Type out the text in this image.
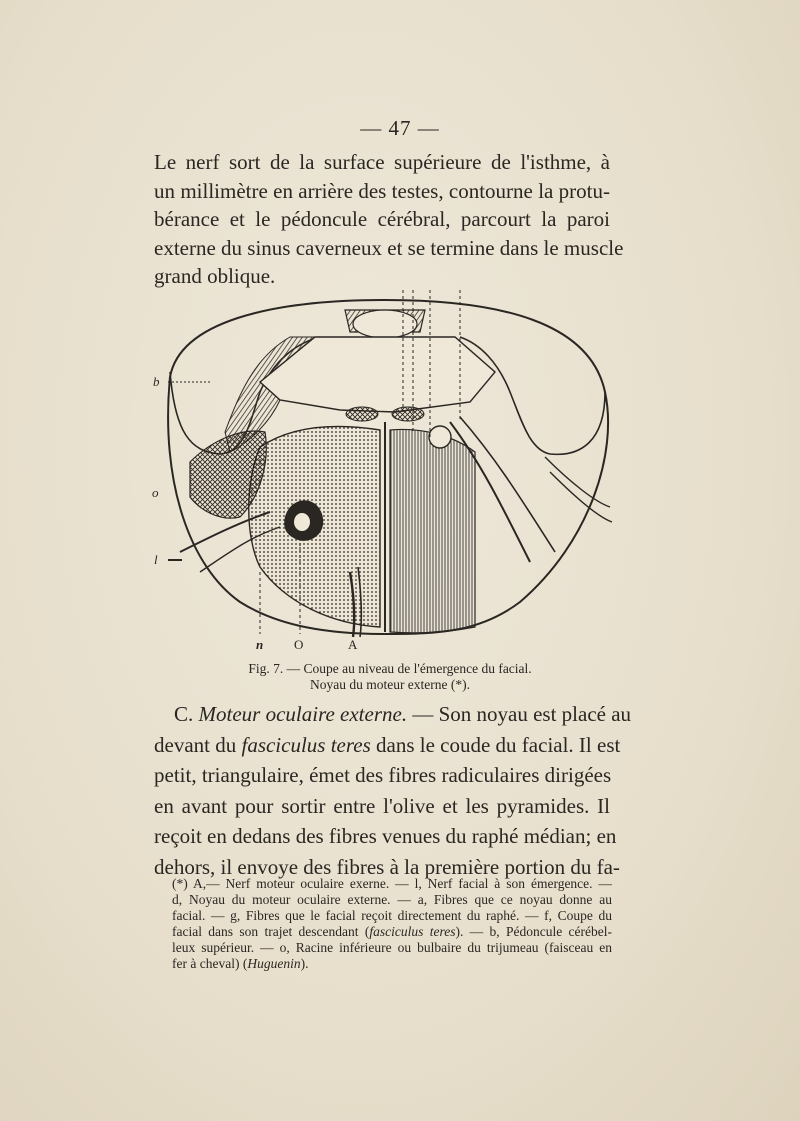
— 47 —
Le nerf sort de la surface supérieure de l'isthme, à
un millimètre en arrière des testes, contourne la protu-
bérance et le pédoncule cérébral, parcourt la paroi
externe du sinus caverneux et se termine dans le muscle
grand oblique.
b
o
l
n O	A
Fig. 7. — Coupe au niveau de l'émergence du facial.
Noyau du moteur externe (*).
C. Moteur oculaire externe. — Son noyau est placé au
devant du fasciculus teres dans le coude du facial. Il est
petit, triangulaire, émet des fibres radiculaires dirigées
en avant pour sortir entre l'olive et les pyramides. Il
reçoit en dedans des fibres venues du raphé médian; en
dehors, il envoye des fibres à la première portion du fa-
(*) A,— Nerf moteur oculaire exerne. — l, Nerf facial à son émergence. —
d, Noyau du moteur oculaire externe. — a, Fibres que ce noyau donne au
facial. — g, Fibres que le facial reçoit directement du raphé. — f, Coupe du
facial dans son trajet descendant (fasciculus teres). — b, Pédoncule cérébel-
leux supérieur. — o, Racine inférieure ou bulbaire du trijumeau (faisceau en
fer à cheval) (Huguenin).
